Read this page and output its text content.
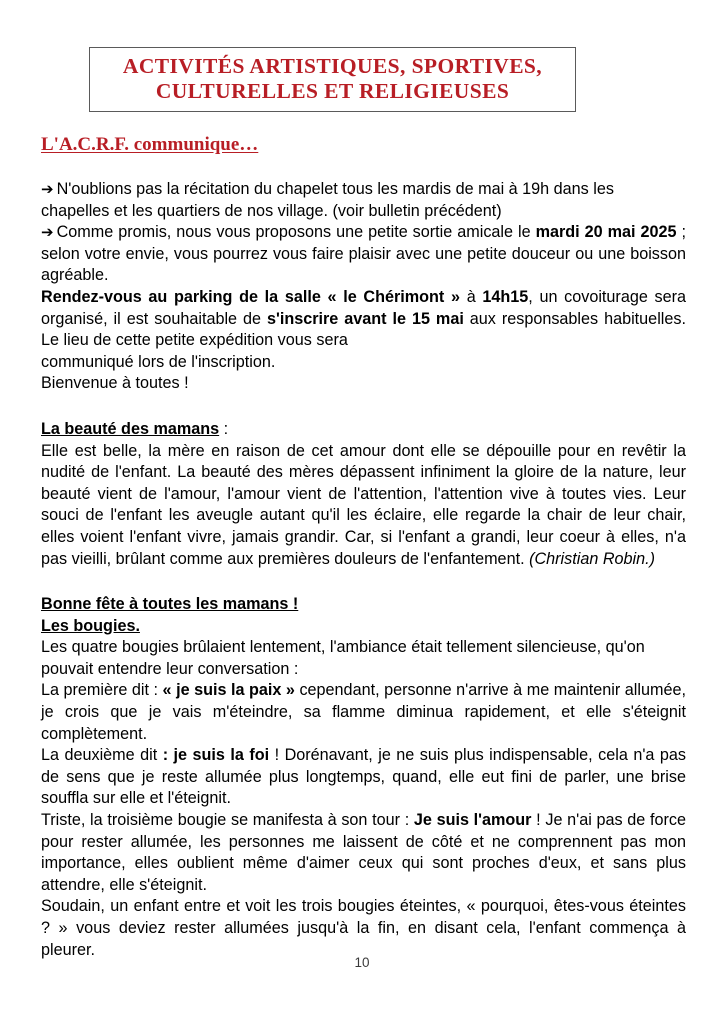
ACTIVITÉS ARTISTIQUES, SPORTIVES,
CULTURELLES ET RELIGIEUSES
L'A.C.R.F. communique…

➔ N'oublions pas la récitation du chapelet tous les mardis de mai à 19h dans les chapelles et les quartiers de nos village. (voir bulletin précédent)

➔ Comme promis, nous vous proposons une petite sortie amicale le mardi 20 mai 2025 ; selon votre envie, vous pourrez vous faire plaisir avec une petite douceur ou une boisson agréable.

Rendez-vous au parking de la salle « le Chérimont » à 14h15, un covoiturage sera organisé, il est souhaitable de s'inscrire avant le 15 mai aux responsables habituelles. Le lieu de cette petite expédition vous sera

communiqué lors de l'inscription.

Bienvenue à toutes !

La beauté des mamans :

Elle est belle, la mère en raison de cet amour dont elle se dépouille pour en revêtir la nudité de l'enfant. La beauté des mères dépassent infiniment la gloire de la nature, leur beauté vient de l'amour, l'amour vient de l'attention, l'attention vive à toutes vies. Leur souci de l'enfant les aveugle autant qu'il les éclaire, elle regarde la chair de leur chair, elles voient l'enfant vivre, jamais grandir. Car, si l'enfant a grandi, leur coeur à elles, n'a pas vieilli, brûlant comme aux premières douleurs de l'enfantement. (Christian Robin.)

Bonne fête à toutes les mamans !

Les bougies.

Les quatre bougies brûlaient lentement, l'ambiance était tellement silencieuse, qu'on pouvait entendre leur conversation :

La première dit : « je suis la paix » cependant, personne n'arrive à me maintenir allumée, je crois que je vais m'éteindre, sa flamme diminua rapidement, et elle s'éteignit complètement.

La deuxième dit : je suis la foi ! Dorénavant, je ne suis plus indispensable, cela n'a pas de sens que je reste allumée plus longtemps, quand, elle eut fini de parler, une brise souffla sur elle et l'éteignit.

Triste, la troisième bougie se manifesta à son tour : Je suis l'amour ! Je n'ai pas de force pour rester allumée, les personnes me laissent de côté et ne comprennent pas mon importance, elles oublient même d'aimer ceux qui sont proches d'eux, et sans plus attendre, elle s'éteignit.

Soudain, un enfant entre et voit les trois bougies éteintes, « pourquoi, êtes-vous éteintes ? » vous deviez rester allumées jusqu'à la fin, en disant cela, l'enfant commença à pleurer.

10
